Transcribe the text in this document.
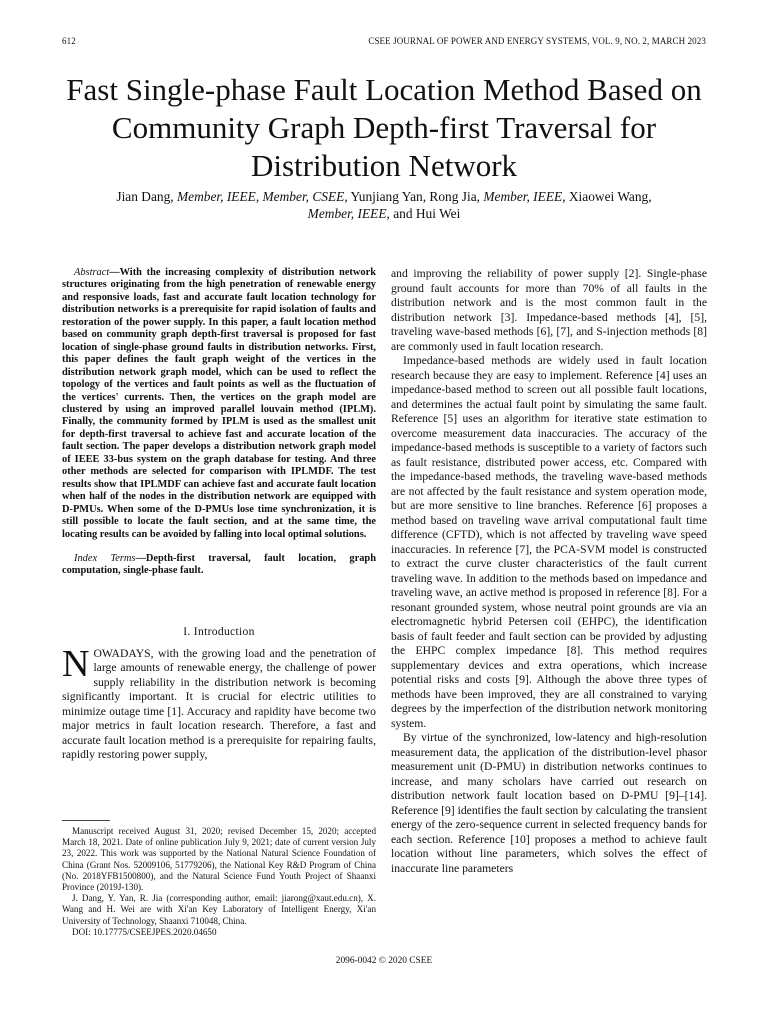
612	CSEE JOURNAL OF POWER AND ENERGY SYSTEMS, VOL. 9, NO. 2, MARCH 2023
Fast Single-phase Fault Location Method Based on Community Graph Depth-first Traversal for Distribution Network
Jian Dang, Member, IEEE, Member, CSEE, Yunjiang Yan, Rong Jia, Member, IEEE, Xiaowei Wang,
Member, IEEE, and Hui Wei

Abstract—With the increasing complexity of distribution network structures originating from the high penetration of renewable energy and responsive loads, fast and accurate fault location technology for distribution networks is a prerequisite for rapid isolation of faults and restoration of the power supply. In this paper, a fault location method based on community graph depth-first traversal is proposed for fast location of single-phase ground faults in distribution networks. First, this paper defines the fault graph weight of the vertices in the distribution network graph model, which can be used to reflect the topology of the vertices and fault points as well as the fluctuation of the vertices' currents. Then, the vertices on the graph model are clustered by using an improved parallel louvain method (IPLM). Finally, the community formed by IPLM is used as the smallest unit for depth-first traversal to achieve fast and accurate location of the fault section. The paper develops a distribution network graph model of IEEE 33-bus system on the graph database for testing. And three other methods are selected for comparison with IPLMDF. The test results show that IPLMDF can achieve fast and accurate fault location when half of the nodes in the distribution network are equipped with D-PMUs. When some of the D-PMUs lose time synchronization, it is still possible to locate the fault section, and at the same time, the locating results can be avoided by falling into local optimal solutions.

Index Terms—Depth-first traversal, fault location, graph computation, single-phase fault.

I. Introduction

NOWADAYS, with the growing load and the penetration of large amounts of renewable energy, the challenge of power supply reliability in the distribution network is becoming significantly important. It is crucial for electric utilities to minimize outage time [1]. Accuracy and rapidity have become two major metrics in fault location research. Therefore, a fast and accurate fault location method is a prerequisite for repairing faults, rapidly restoring power supply,

Manuscript received August 31, 2020; revised December 15, 2020; accepted March 18, 2021. Date of online publication July 9, 2021; date of current version July 23, 2022. This work was supported by the National Natural Science Foundation of China (Grant Nos. 52009106, 51779206), the National Key R&D Program of China (No. 2018YFB1500800), and the Natural Science Fund Youth Project of Shaanxi Province (2019J-130).

J. Dang, Y. Yan, R. Jia (corresponding author, email: jiarong@xaut.edu.cn), X. Wang and H. Wei are with Xi'an Key Laboratory of Intelligent Energy, Xi'an University of Technology, Shaanxi 710048, China.

DOI: 10.17775/CSEEJPES.2020.04650

and improving the reliability of power supply [2]. Single-phase ground fault accounts for more than 70% of all faults in the distribution network and is the most common fault in the distribution network [3]. Impedance-based methods [4], [5], traveling wave-based methods [6], [7], and S-injection methods [8] are commonly used in fault location research.

Impedance-based methods are widely used in fault location research because they are easy to implement. Reference [4] uses an impedance-based method to screen out all possible fault locations, and determines the actual fault point by simulating the same fault. Reference [5] uses an algorithm for iterative state estimation to overcome measurement data inaccuracies. The accuracy of the impedance-based methods is susceptible to a variety of factors such as fault resistance, distributed power access, etc. Compared with the impedance-based methods, the traveling wave-based methods are not affected by the fault resistance and system operation mode, but are more sensitive to line branches. Reference [6] proposes a method based on traveling wave arrival computational fault time difference (CFTD), which is not affected by traveling wave speed inaccuracies. In reference [7], the PCA-SVM model is constructed to extract the curve cluster characteristics of the fault current traveling wave. In addition to the methods based on impedance and traveling wave, an active method is proposed in reference [8]. For a resonant grounded system, whose neutral point grounds are via an electromagnetic hybrid Petersen coil (EHPC), the identification basis of fault feeder and fault section can be provided by adjusting the EHPC complex impedance [8]. This method requires supplementary devices and extra operations, which increase potential risks and costs [9]. Although the above three types of methods have been improved, they are all constrained to varying degrees by the imperfection of the distribution network monitoring system.

By virtue of the synchronized, low-latency and high-resolution measurement data, the application of the distribution-level phasor measurement unit (D-PMU) in distribution networks continues to increase, and many scholars have carried out research on distribution network fault location based on D-PMU [9]–[14]. Reference [9] identifies the fault section by calculating the transient energy of the zero-sequence current in selected frequency bands for each section. Reference [10] proposes a method to achieve fault location without line parameters, which solves the effect of inaccurate line parameters

2096-0042 © 2020 CSEE
